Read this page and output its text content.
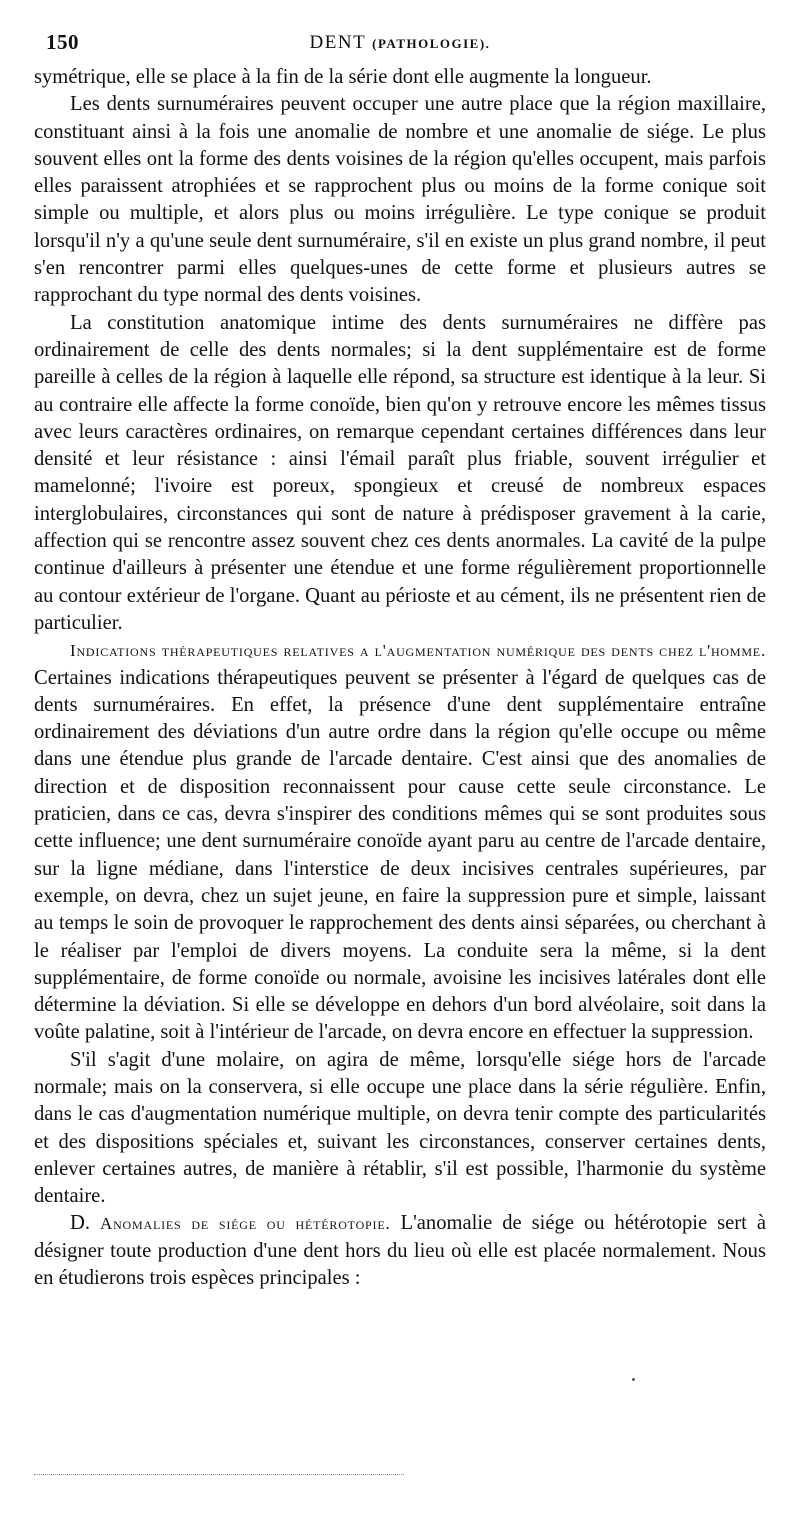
150	DENT (PATHOLOGIE).

symétrique, elle se place à la fin de la série dont elle augmente la longueur.

Les dents surnuméraires peuvent occuper une autre place que la région maxillaire, constituant ainsi à la fois une anomalie de nombre et une anomalie de siége. Le plus souvent elles ont la forme des dents voisines de la région qu'elles occupent, mais parfois elles paraissent atrophiées et se rapprochent plus ou moins de la forme conique soit simple ou multiple, et alors plus ou moins irrégulière. Le type conique se produit lorsqu'il n'y a qu'une seule dent surnuméraire, s'il en existe un plus grand nombre, il peut s'en rencontrer parmi elles quelques-unes de cette forme et plusieurs autres se rapprochant du type normal des dents voisines.

La constitution anatomique intime des dents surnuméraires ne diffère pas ordinairement de celle des dents normales; si la dent supplémentaire est de forme pareille à celles de la région à laquelle elle répond, sa structure est identique à la leur. Si au contraire elle affecte la forme conoïde, bien qu'on y retrouve encore les mêmes tissus avec leurs caractères ordinaires, on remarque cependant certaines différences dans leur densité et leur résistance : ainsi l'émail paraît plus friable, souvent irrégulier et mamelonné; l'ivoire est poreux, spongieux et creusé de nombreux espaces interglobulaires, circonstances qui sont de nature à prédisposer gravement à la carie, affection qui se rencontre assez souvent chez ces dents anormales. La cavité de la pulpe continue d'ailleurs à présenter une étendue et une forme régulièrement proportionnelle au contour extérieur de l'organe. Quant au périoste et au cément, ils ne présentent rien de particulier.

Indications thérapeutiques relatives a l'augmentation numérique des dents chez l'homme. Certaines indications thérapeutiques peuvent se présenter à l'égard de quelques cas de dents surnuméraires. En effet, la présence d'une dent supplémentaire entraîne ordinairement des déviations d'un autre ordre dans la région qu'elle occupe ou même dans une étendue plus grande de l'arcade dentaire. C'est ainsi que des anomalies de direction et de disposition reconnaissent pour cause cette seule circonstance. Le praticien, dans ce cas, devra s'inspirer des conditions mêmes qui se sont produites sous cette influence; une dent surnuméraire conoïde ayant paru au centre de l'arcade dentaire, sur la ligne médiane, dans l'interstice de deux incisives centrales supérieures, par exemple, on devra, chez un sujet jeune, en faire la suppression pure et simple, laissant au temps le soin de provoquer le rapprochement des dents ainsi séparées, ou cherchant à le réaliser par l'emploi de divers moyens. La conduite sera la même, si la dent supplémentaire, de forme conoïde ou normale, avoisine les incisives latérales dont elle détermine la déviation. Si elle se développe en dehors d'un bord alvéolaire, soit dans la voûte palatine, soit à l'intérieur de l'arcade, on devra encore en effectuer la suppression.

S'il s'agit d'une molaire, on agira de même, lorsqu'elle siége hors de l'arcade normale; mais on la conservera, si elle occupe une place dans la série régulière. Enfin, dans le cas d'augmentation numérique multiple, on devra tenir compte des particularités et des dispositions spéciales et, suivant les circonstances, conserver certaines dents, enlever certaines autres, de manière à rétablir, s'il est possible, l'harmonie du système dentaire.

D. Anomalies de siége ou hétérotopie. L'anomalie de siége ou hétérotopie sert à désigner toute production d'une dent hors du lieu où elle est placée normalement. Nous en étudierons trois espèces principales :
